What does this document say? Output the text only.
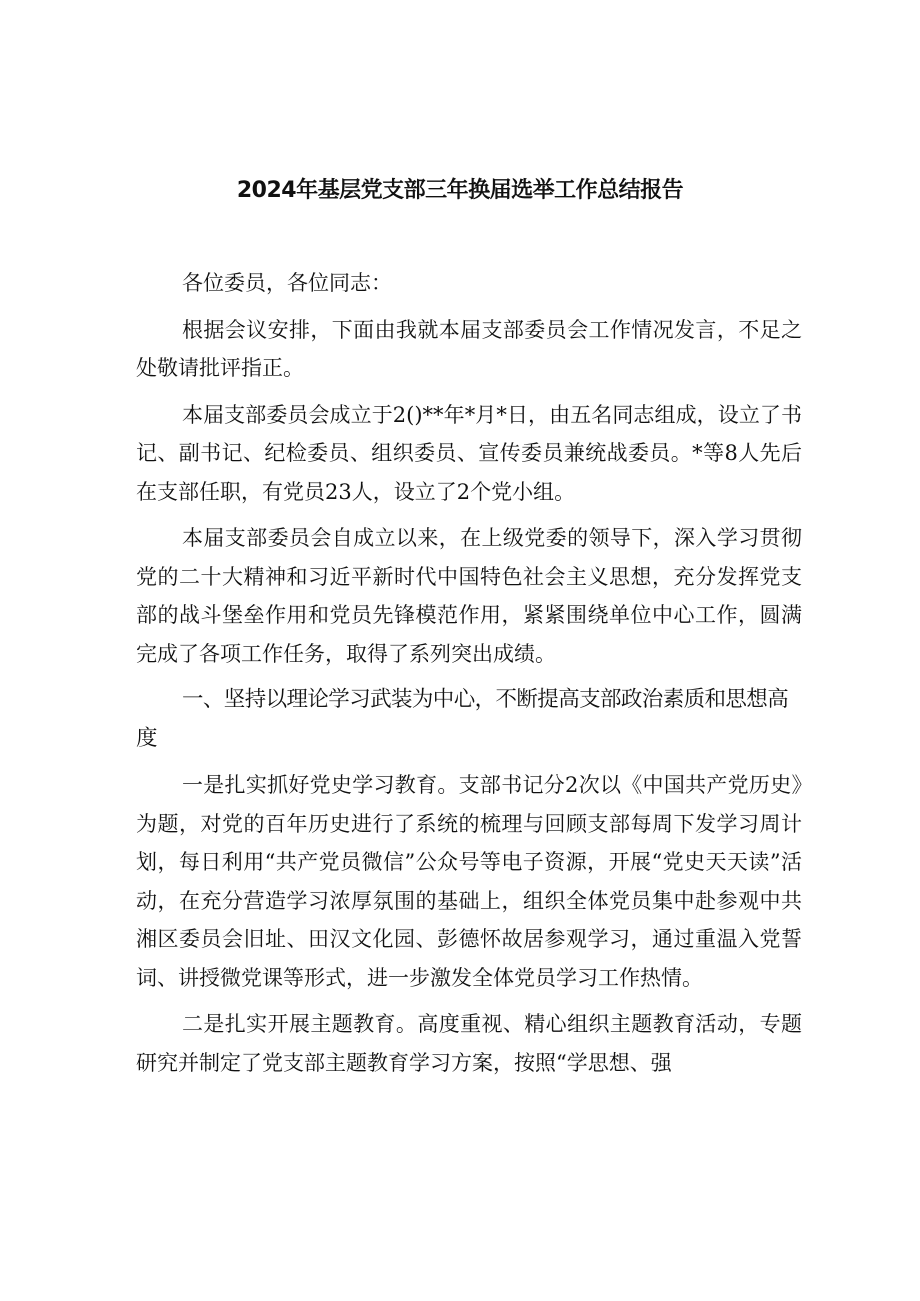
2024年基层党支部三年换届选举工作总结报告

各位委员，各位同志：

根据会议安排，下面由我就本届支部委员会工作情况发言，不足之处敬请批评指正。

本届支部委员会成立于2()**年*月*日，由五名同志组成，设立了书记、副书记、纪检委员、组织委员、宣传委员兼统战委员。*等8人先后在支部任职，有党员23人，设立了2个党小组。

本届支部委员会自成立以来，在上级党委的领导下，深入学习贯彻党的二十大精神和习近平新时代中国特色社会主义思想，充分发挥党支部的战斗堡垒作用和党员先锋模范作用，紧紧围绕单位中心工作，圆满完成了各项工作任务，取得了系列突出成绩。

一、坚持以理论学习武装为中心，不断提高支部政治素质和思想高度

一是扎实抓好党史学习教育。支部书记分2次以《中国共产党历史》为题，对党的百年历史进行了系统的梳理与回顾支部每周下发学习周计划，每日利用“共产党员微信”公众号等电子资源，开展“党史天天读”活动，在充分营造学习浓厚氛围的基础上，组织全体党员集中赴参观中共湘区委员会旧址、田汉文化园、彭德怀故居参观学习，通过重温入党誓词、讲授微党课等形式，进一步激发全体党员学习工作热情。

二是扎实开展主题教育。高度重视、精心组织主题教育活动，专题研究并制定了党支部主题教育学习方案，按照“学思想、强
